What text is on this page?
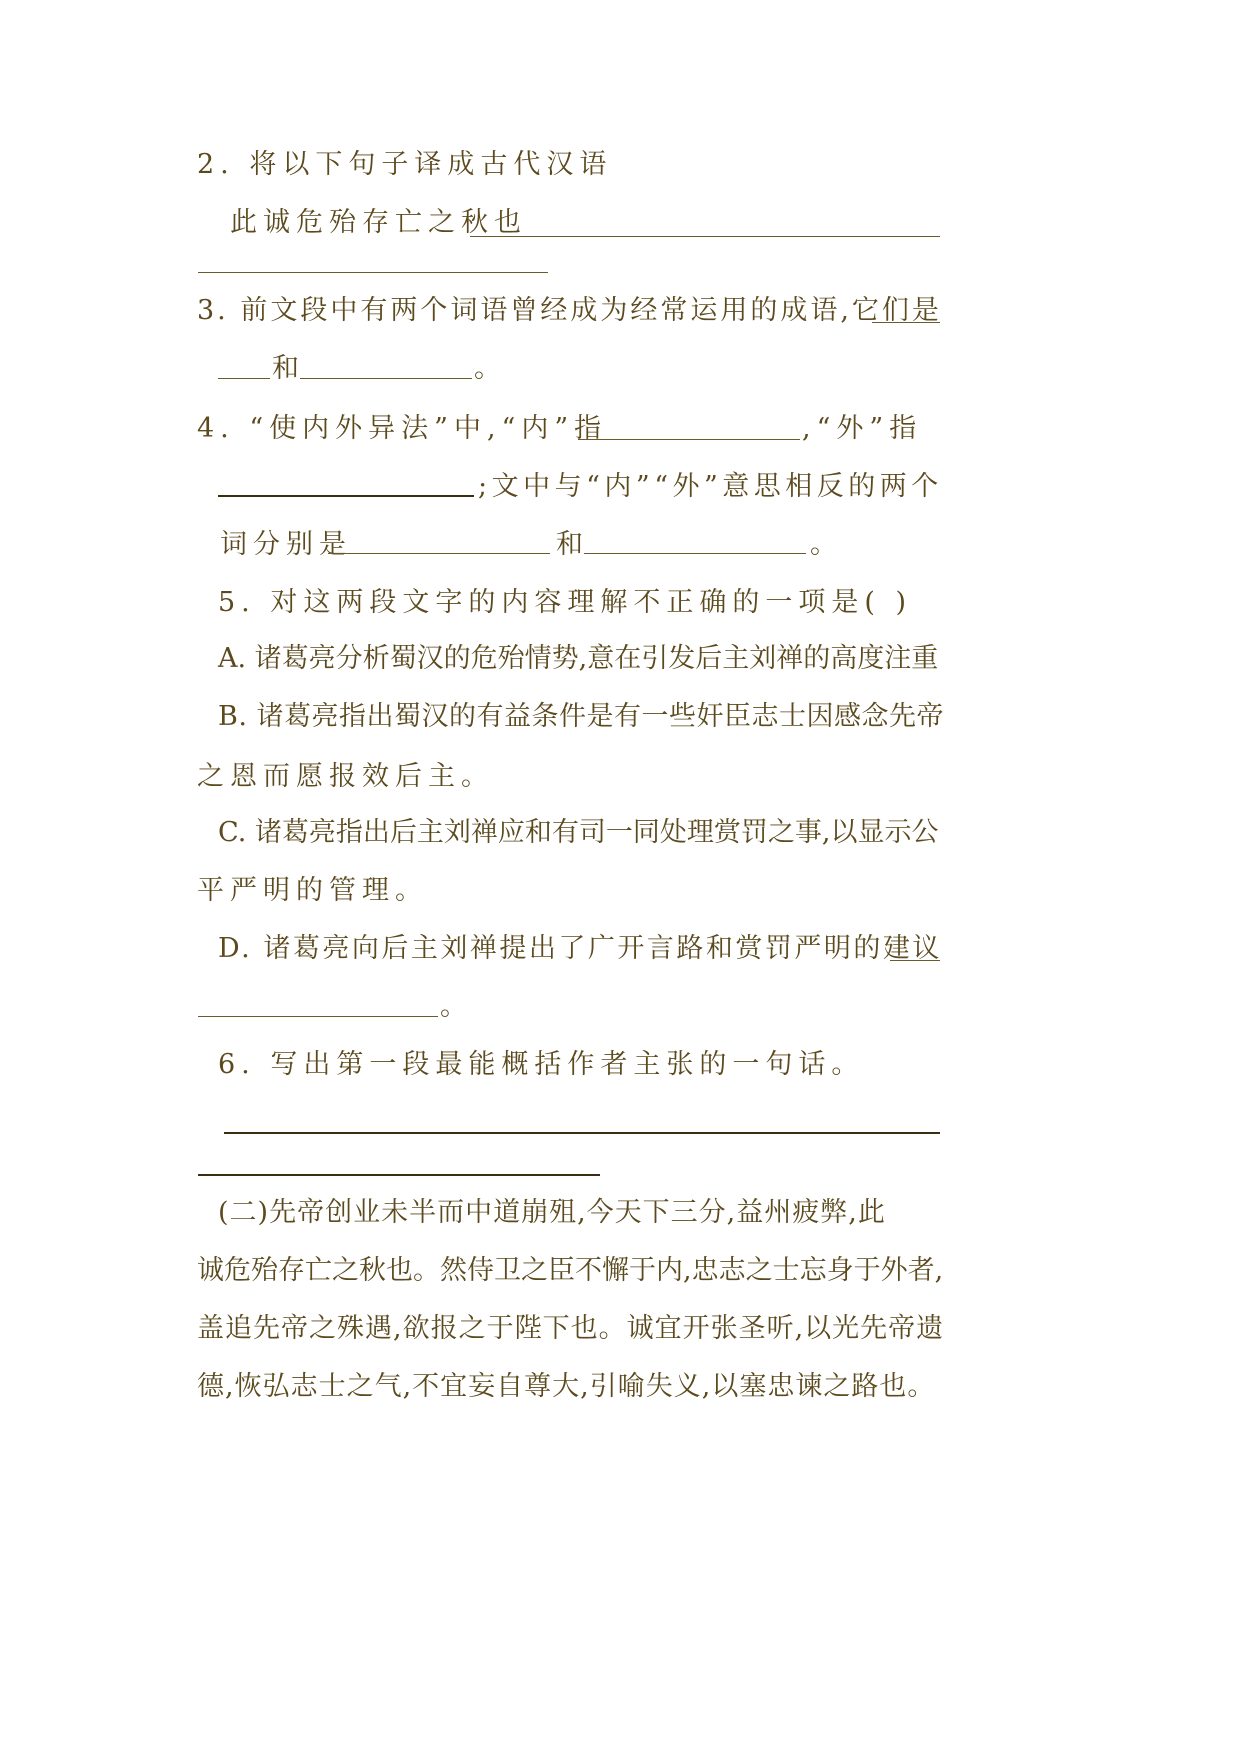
2. 将以下句子译成古代汉语
此诚危殆存亡之秋也
3. 前文段中有两个词语曾经成为经常运用的成语,它们是
和	。
4. “使内外异法”中,“内”指	,“外”指
;文中与“内”“外”意思相反的两个
词分别是	和	。
5. 对这两段文字的内容理解不正确的一项是( )
A. 诸葛亮分析蜀汉的危殆情势,意在引发后主刘禅的高度注重
B. 诸葛亮指出蜀汉的有益条件是有一些奸臣志士因感念先帝
之恩而愿报效后主。
C. 诸葛亮指出后主刘禅应和有司一同处理赏罚之事,以显示公
平严明的管理。
D. 诸葛亮向后主刘禅提出了广开言路和赏罚严明的建议
。
6. 写出第一段最能概括作者主张的一句话。
(二)先帝创业未半而中道崩殂,今天下三分,益州疲弊,此
诚危殆存亡之秋也。然侍卫之臣不懈于内,忠志之士忘身于外者,
盖追先帝之殊遇,欲报之于陛下也。诚宜开张圣听,以光先帝遗
德,恢弘志士之气,不宜妄自尊大,引喻失义,以塞忠谏之路也。
